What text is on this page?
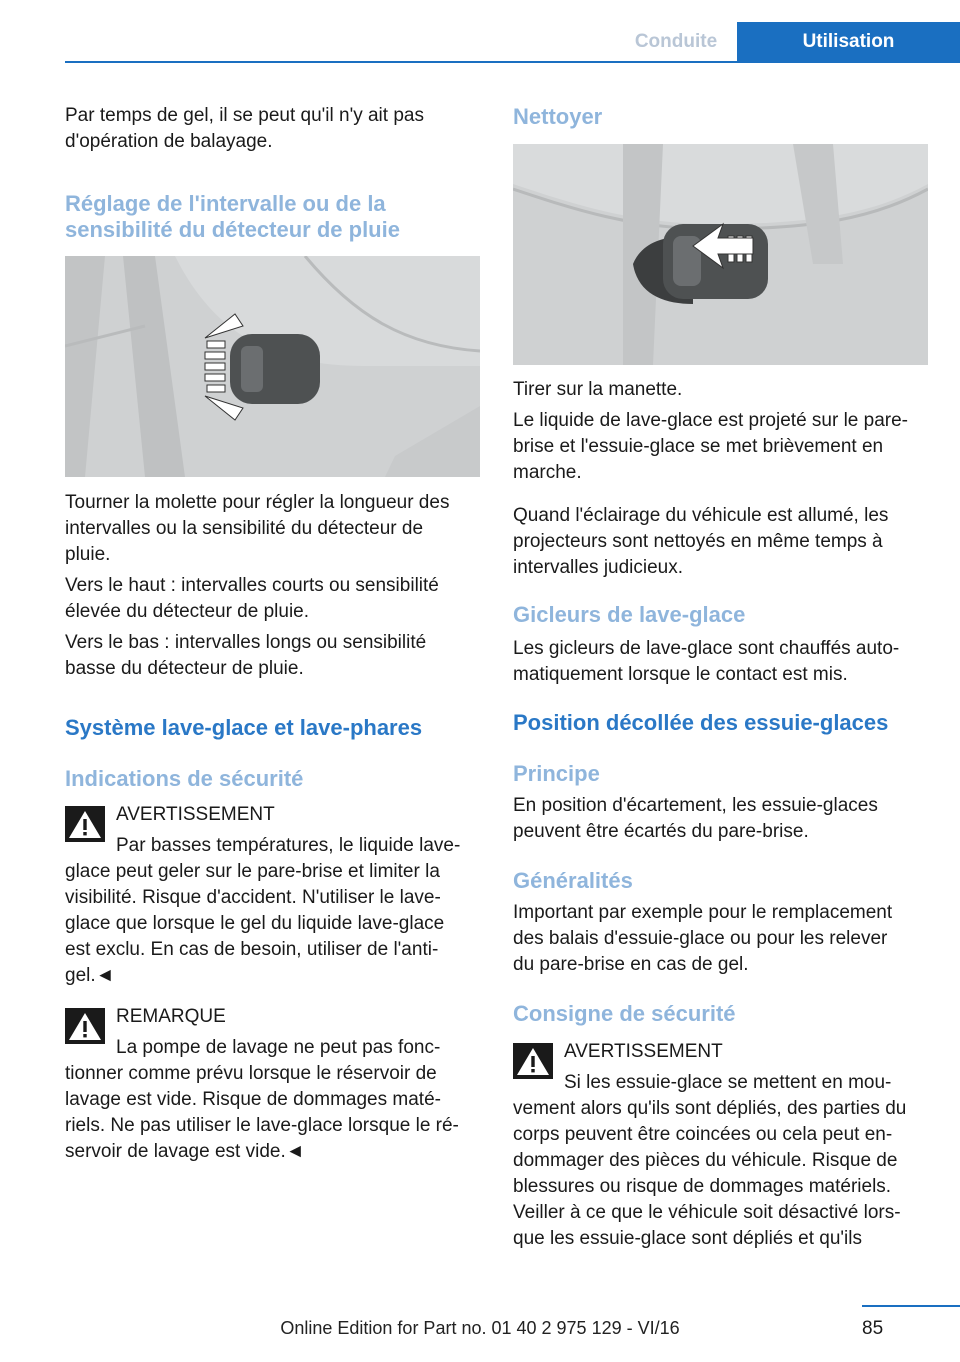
Conduite	Utilisation

Par temps de gel, il se peut qu'il n'y ait pas

d'opération de balayage.

Réglage de l'intervalle ou de la

sensibilité du détecteur de pluie

Tourner la molette pour régler la longueur des

intervalles ou la sensibilité du détecteur de

pluie.

Vers le haut : intervalles courts ou sensibilité

élevée du détecteur de pluie.

Vers le bas : intervalles longs ou sensibilité

basse du détecteur de pluie.

Système lave-glace et lave-phares

Indications de sécurité

AVERTISSEMENT

Par basses températures, le liquide lave-

glace peut geler sur le pare-brise et limiter la

visibilité. Risque d'accident. N'utiliser le lave-

glace que lorsque le gel du liquide lave-glace

est exclu. En cas de besoin, utiliser de l'anti-

gel.◄

REMARQUE

La pompe de lavage ne peut pas fonc-

tionner comme prévu lorsque le réservoir de

lavage est vide. Risque de dommages maté-

riels. Ne pas utiliser le lave-glace lorsque le ré-

servoir de lavage est vide.◄

Nettoyer

Tirer sur la manette.

Le liquide de lave-glace est projeté sur le pare-

brise et l'essuie-glace se met brièvement en

marche.

Quand l'éclairage du véhicule est allumé, les

projecteurs sont nettoyés en même temps à

intervalles judicieux.

Gicleurs de lave-glace

Les gicleurs de lave-glace sont chauffés auto-

matiquement lorsque le contact est mis.

Position décollée des essuie-glaces

Principe

En position d'écartement, les essuie-glaces

peuvent être écartés du pare-brise.

Généralités

Important par exemple pour le remplacement

des balais d'essuie-glace ou pour les relever

du pare-brise en cas de gel.

Consigne de sécurité

AVERTISSEMENT

Si les essuie-glace se mettent en mou-

vement alors qu'ils sont dépliés, des parties du

corps peuvent être coincées ou cela peut en-

dommager des pièces du véhicule. Risque de

blessures ou risque de dommages matériels.

Veiller à ce que le véhicule soit désactivé lors-

que les essuie-glace sont dépliés et qu'ils

85
Online Edition for Part no. 01 40 2 975 129 - VI/16
